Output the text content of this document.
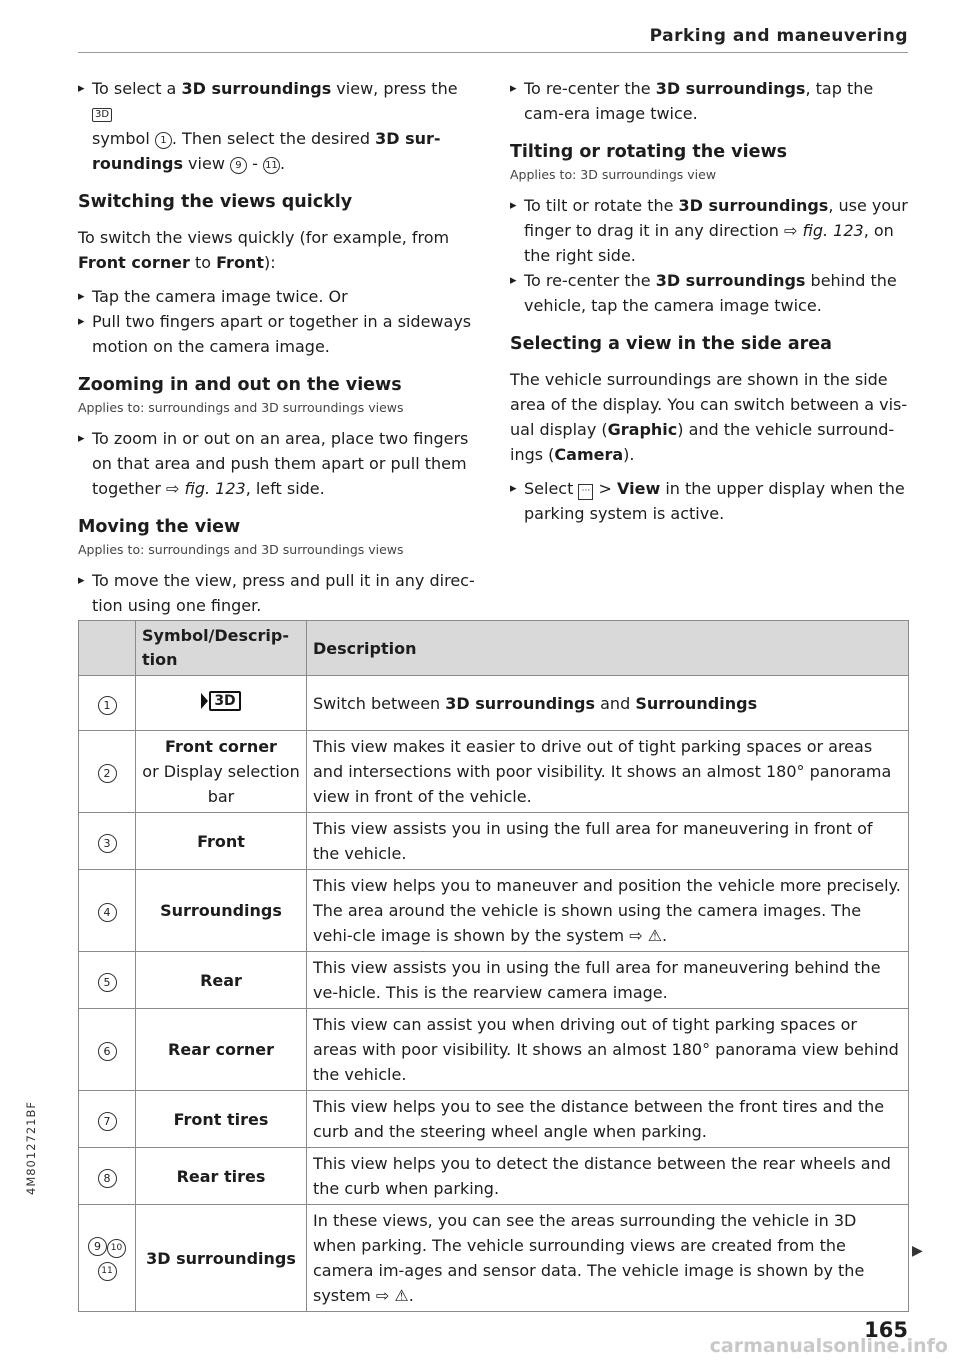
Parking and maneuvering

▸ To select a 3D surroundings view, press the 3D
symbol 1 . Then select the desired 3D sur-roundings view 9 - 11 .

Switching the views quickly

To switch the views quickly (for example, from Front corner to Front):

▸ Tap the camera image twice. Or

▸ Pull two fingers apart or together in a sideways motion on the camera image.

Zooming in and out on the views

Applies to: surroundings and 3D surroundings views

▸ To zoom in or out on an area, place two fingers on that area and push them apart or pull them together ⇨ fig. 123, left side.

Moving the view

Applies to: surroundings and 3D surroundings views

▸ To move the view, press and pull it in any direc-tion using one finger.

▸ To re-center the 3D surroundings, tap the cam-era image twice.

Tilting or rotating the views

Applies to: 3D surroundings view

▸ To tilt or rotate the 3D surroundings, use your finger to drag it in any direction ⇨ fig. 123, on the right side.

▸ To re-center the 3D surroundings behind the vehicle, tap the camera image twice.

Selecting a view in the side area

The vehicle surroundings are shown in the side area of the display. You can switch between a vis-ual display (Graphic) and the vehicle surround-ings (Camera).

▸ Select ··· > View in the upper display when the parking system is active.

	Symbol/Descrip-tion	Description
1	3D	Switch between 3D surroundings and Surroundings
2	Front corner
or Display selection bar	This view makes it easier to drive out of tight parking spaces or areas and intersections with poor visibility. It shows an almost 180° panorama view in front of the vehicle.
3	Front	This view assists you in using the full area for maneuvering in front of the vehicle.
4	Surroundings	This view helps you to maneuver and position the vehicle more precisely. The area around the vehicle is shown using the camera images. The vehi-cle image is shown by the system ⇨ ⚠.
5	Rear	This view assists you in using the full area for maneuvering behind the ve-hicle. This is the rearview camera image.
6	Rear corner	This view can assist you when driving out of tight parking spaces or areas with poor visibility. It shows an almost 180° panorama view behind the vehicle.
7	Front tires	This view helps you to see the distance between the front tires and the curb and the steering wheel angle when parking.
8	Rear tires	This view helps you to detect the distance between the rear wheels and the curb when parking.
9 10
11	3D surroundings	In these views, you can see the areas surrounding the vehicle in 3D when parking. The vehicle surrounding views are created from the camera im-ages and sensor data. The vehicle image is shown by the system ⇨ ⚠.
▶
4M8012721BF
165
carmanualsonline.info
